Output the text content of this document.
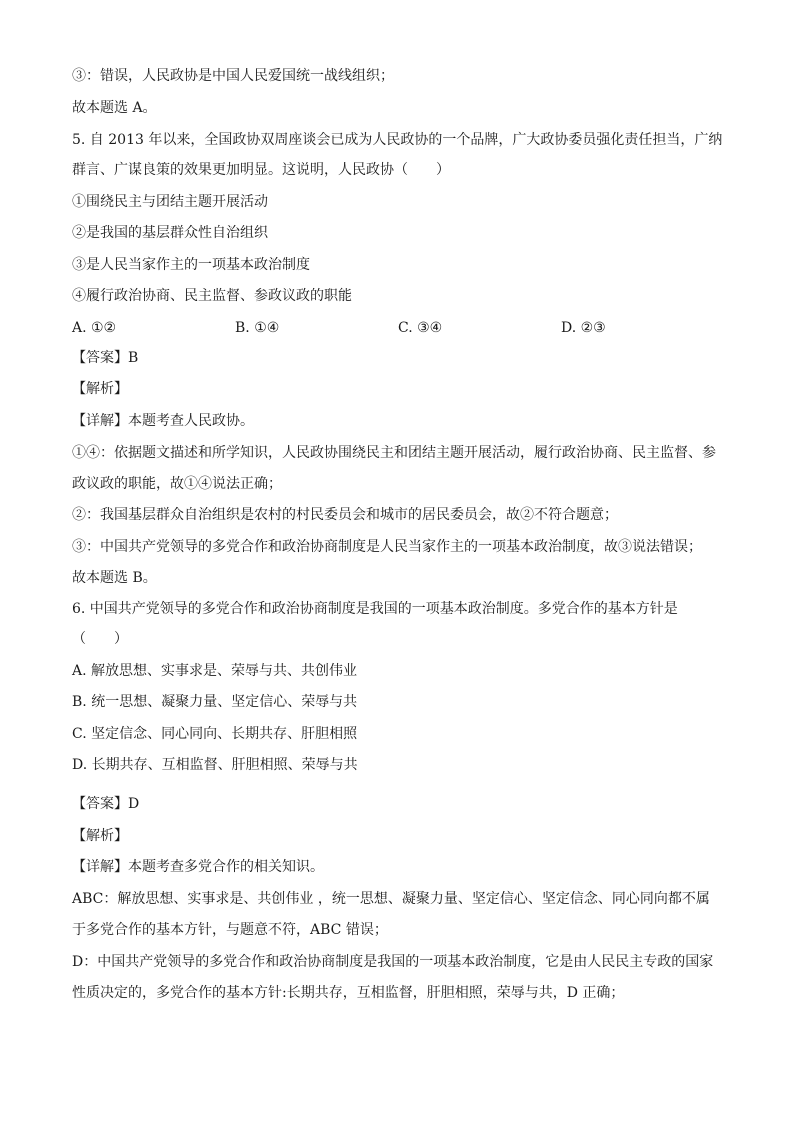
③：错误，人民政协是中国人民爱国统一战线组织；
故本题选 A。
5. 自 2013 年以来，全国政协双周座谈会已成为人民政协的一个品牌，广大政协委员强化责任担当，广纳
群言、广谋良策的效果更加明显。这说明，人民政协（　　）
①围绕民主与团结主题开展活动
②是我国的基层群众性自治组织
③是人民当家作主的一项基本政治制度
④履行政治协商、民主监督、参政议政的职能
A. ①②	B. ①④	C. ③④	D. ②③
【答案】B
【解析】
【详解】本题考查人民政协。
①④：依据题文描述和所学知识，人民政协围绕民主和团结主题开展活动，履行政治协商、民主监督、参
政议政的职能，故①④说法正确；
②：我国基层群众自治组织是农村的村民委员会和城市的居民委员会，故②不符合题意；
③：中国共产党领导的多党合作和政治协商制度是人民当家作主的一项基本政治制度，故③说法错误；
故本题选 B。
6. 中国共产党领导的多党合作和政治协商制度是我国的一项基本政治制度。多党合作的基本方针是
（　　）
A. 解放思想、实事求是、荣辱与共、共创伟业
B. 统一思想、凝聚力量、坚定信心、荣辱与共
C. 坚定信念、同心同向、长期共存、肝胆相照
D. 长期共存、互相监督、肝胆相照、荣辱与共
【答案】D
【解析】
【详解】本题考查多党合作的相关知识。
ABC：解放思想、实事求是、共创伟业 ，统一思想、凝聚力量、坚定信心、坚定信念、同心同向都不属
于多党合作的基本方针，与题意不符，ABC 错误；
D：中国共产党领导的多党合作和政治协商制度是我国的一项基本政治制度，它是由人民民主专政的国家
性质决定的，多党合作的基本方针:长期共存，互相监督，肝胆相照，荣辱与共，D 正确；
